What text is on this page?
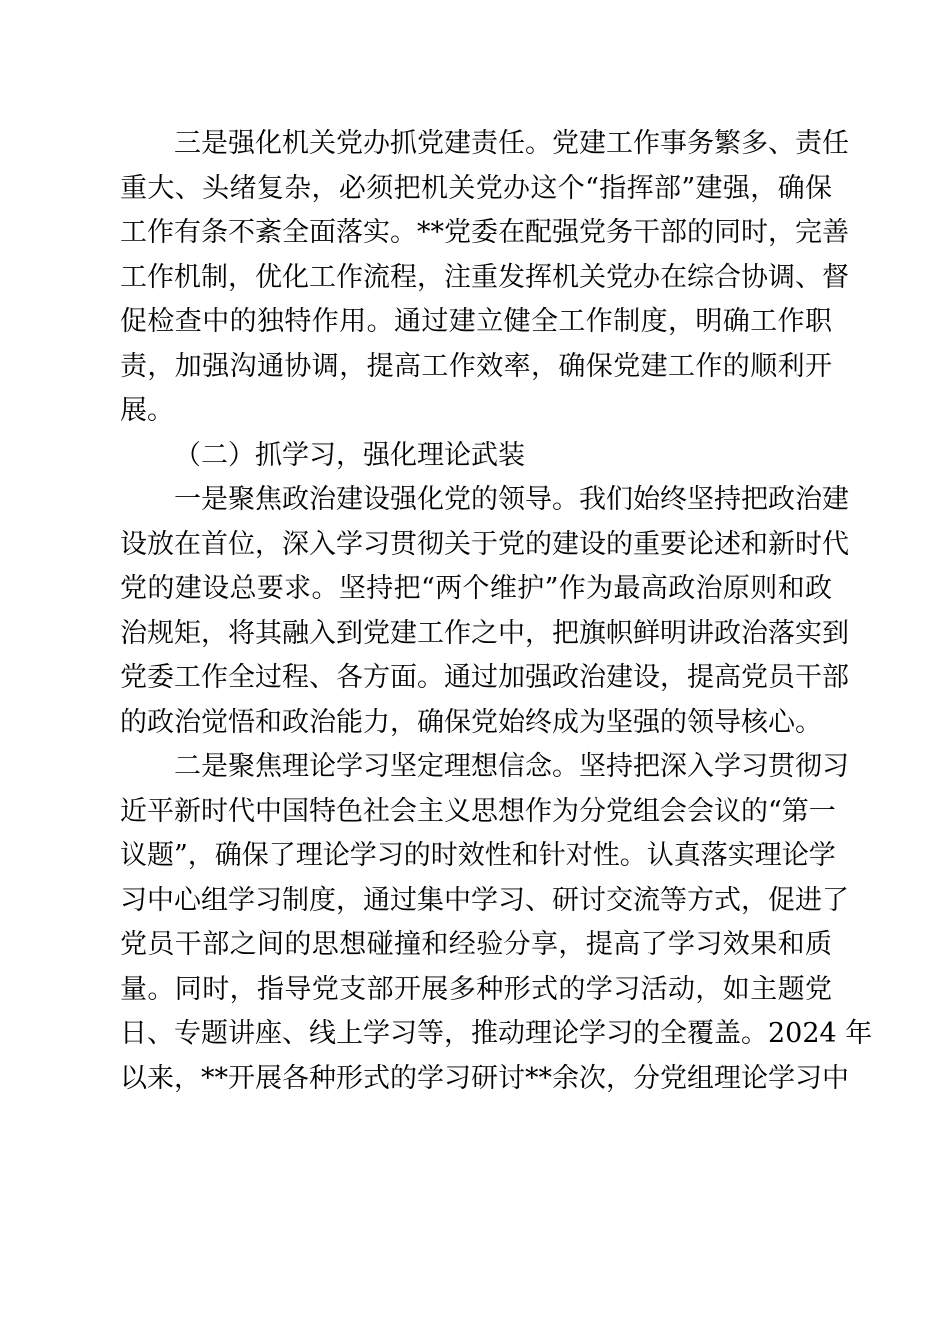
三是强化机关党办抓党建责任。党建工作事务繁多、责任
重大、头绪复杂，必须把机关党办这个“指挥部”建强，确保
工作有条不紊全面落实。**党委在配强党务干部的同时，完善
工作机制，优化工作流程，注重发挥机关党办在综合协调、督
促检查中的独特作用。通过建立健全工作制度，明确工作职
责，加强沟通协调，提高工作效率，确保党建工作的顺利开
展。
（二）抓学习，强化理论武装
一是聚焦政治建设强化党的领导。我们始终坚持把政治建
设放在首位，深入学习贯彻关于党的建设的重要论述和新时代
党的建设总要求。坚持把“两个维护”作为最高政治原则和政
治规矩，将其融入到党建工作之中，把旗帜鲜明讲政治落实到
党委工作全过程、各方面。通过加强政治建设，提高党员干部
的政治觉悟和政治能力，确保党始终成为坚强的领导核心。
二是聚焦理论学习坚定理想信念。坚持把深入学习贯彻习
近平新时代中国特色社会主义思想作为分党组会会议的“第一
议题”，确保了理论学习的时效性和针对性。认真落实理论学
习中心组学习制度，通过集中学习、研讨交流等方式，促进了
党员干部之间的思想碰撞和经验分享，提高了学习效果和质
量。同时，指导党支部开展多种形式的学习活动，如主题党
日、专题讲座、线上学习等，推动理论学习的全覆盖。2024 年
以来，**开展各种形式的学习研讨**余次，分党组理论学习中
